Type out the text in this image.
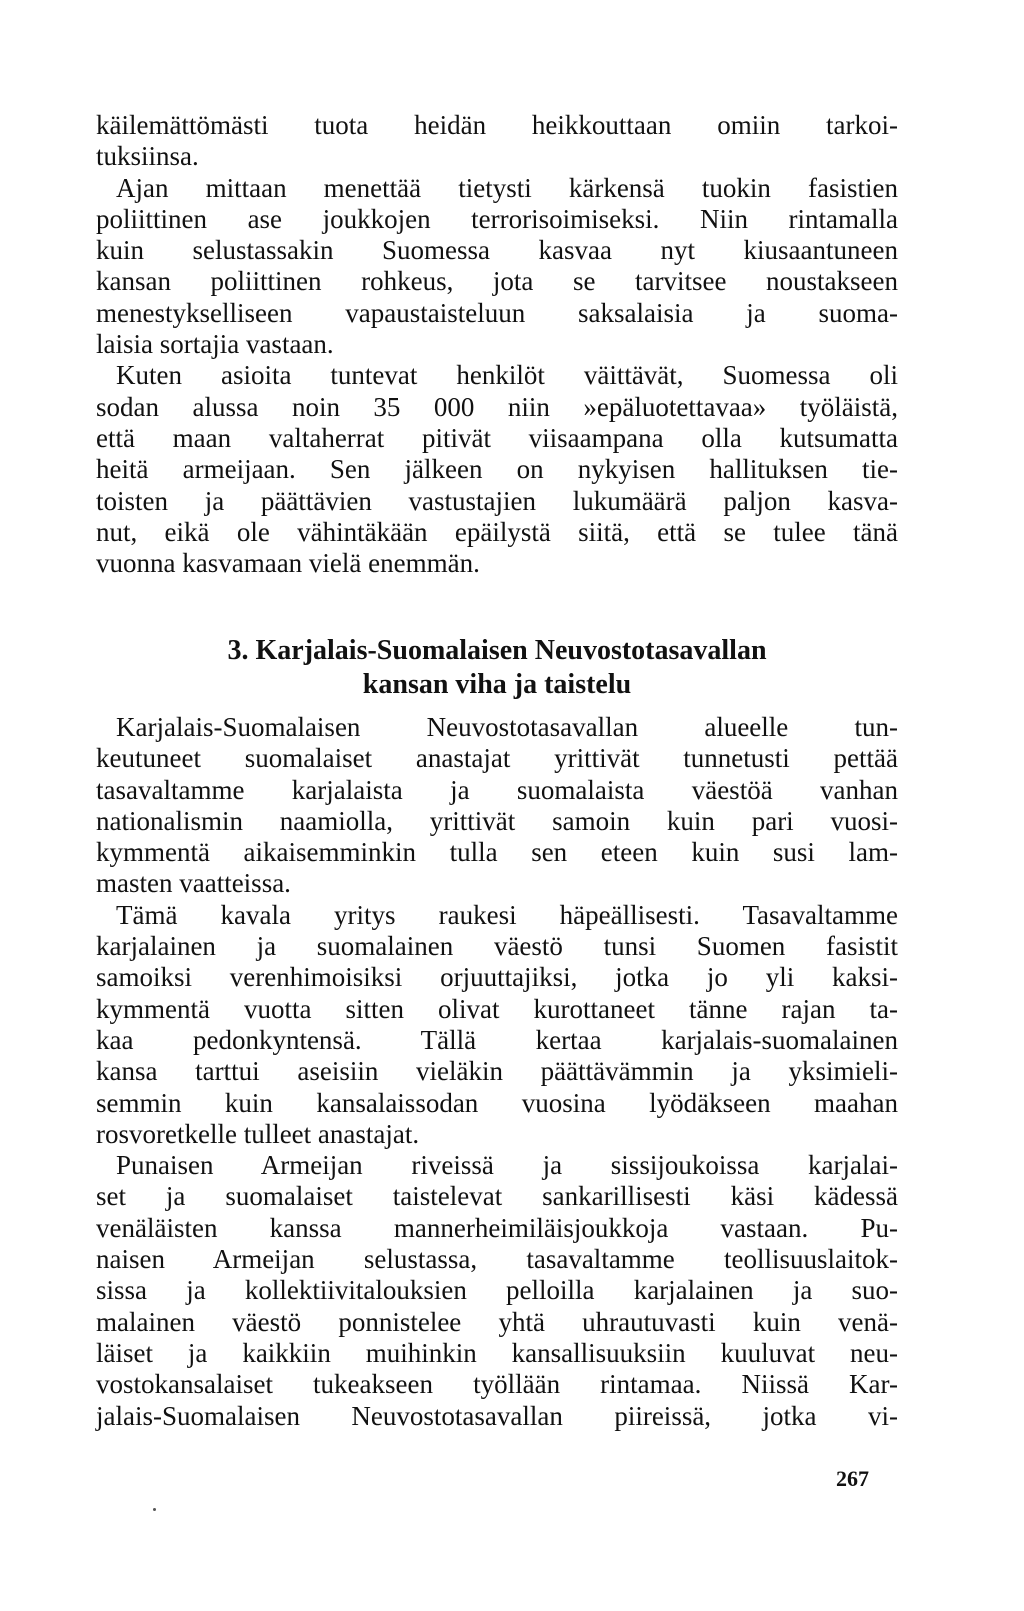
käilemättömästi tuota heidän heikkouttaan omiin tarkoi-
tuksiinsa.
Ajan mittaan menettää tietysti kärkensä tuokin fasistien
poliittinen ase joukkojen terrorisoimiseksi. Niin rintamalla
kuin selustassakin Suomessa kasvaa nyt kiusaantuneen
kansan poliittinen rohkeus, jota se tarvitsee noustakseen
menestykselliseen vapaustaisteluun saksalaisia ja suoma-
laisia sortajia vastaan.
Kuten asioita tuntevat henkilöt väittävät, Suomessa oli
sodan alussa noin 35 000 niin »epäluotettavaa» työläistä,
että maan valtaherrat pitivät viisaampana olla kutsumatta
heitä armeijaan. Sen jälkeen on nykyisen hallituksen tie-
toisten ja päättävien vastustajien lukumäärä paljon kasva-
nut, eikä ole vähintäkään epäilystä siitä, että se tulee tänä
vuonna kasvamaan vielä enemmän.
3. Karjalais-Suomalaisen Neuvostotasavallan
kansan viha ja taistelu
Karjalais-Suomalaisen Neuvostotasavallan alueelle tun-
keutuneet suomalaiset anastajat yrittivät tunnetusti pettää
tasavaltamme karjalaista ja suomalaista väestöä vanhan
nationalismin naamiolla, yrittivät samoin kuin pari vuosi-
kymmentä aikaisemminkin tulla sen eteen kuin susi lam-
masten vaatteissa.
Tämä kavala yritys raukesi häpeällisesti. Tasavaltamme
karjalainen ja suomalainen väestö tunsi Suomen fasistit
samoiksi verenhimoisiksi orjuuttajiksi, jotka jo yli kaksi-
kymmentä vuotta sitten olivat kurottaneet tänne rajan ta-
kaa pedonkyntensä. Tällä kertaa karjalais-suomalainen
kansa tarttui aseisiin vieläkin päättävämmin ja yksimieli-
semmin kuin kansalaissodan vuosina lyödäkseen maahan
rosvoretkelle tulleet anastajat.
Punaisen Armeijan riveissä ja sissijoukoissa karjalai-
set ja suomalaiset taistelevat sankarillisesti käsi kädessä
venäläisten kanssa mannerheimiläisjoukkoja vastaan. Pu-
naisen Armeijan selustassa, tasavaltamme teollisuuslaitok-
sissa ja kollektiivitalouksien pelloilla karjalainen ja suo-
malainen väestö ponnistelee yhtä uhrautuvasti kuin venä-
läiset ja kaikkiin muihinkin kansallisuuksiin kuuluvat neu-
vostokansalaiset tukeakseen työllään rintamaa. Niissä Kar-
jalais-Suomalaisen Neuvostotasavallan piireissä, jotka vi-
267
